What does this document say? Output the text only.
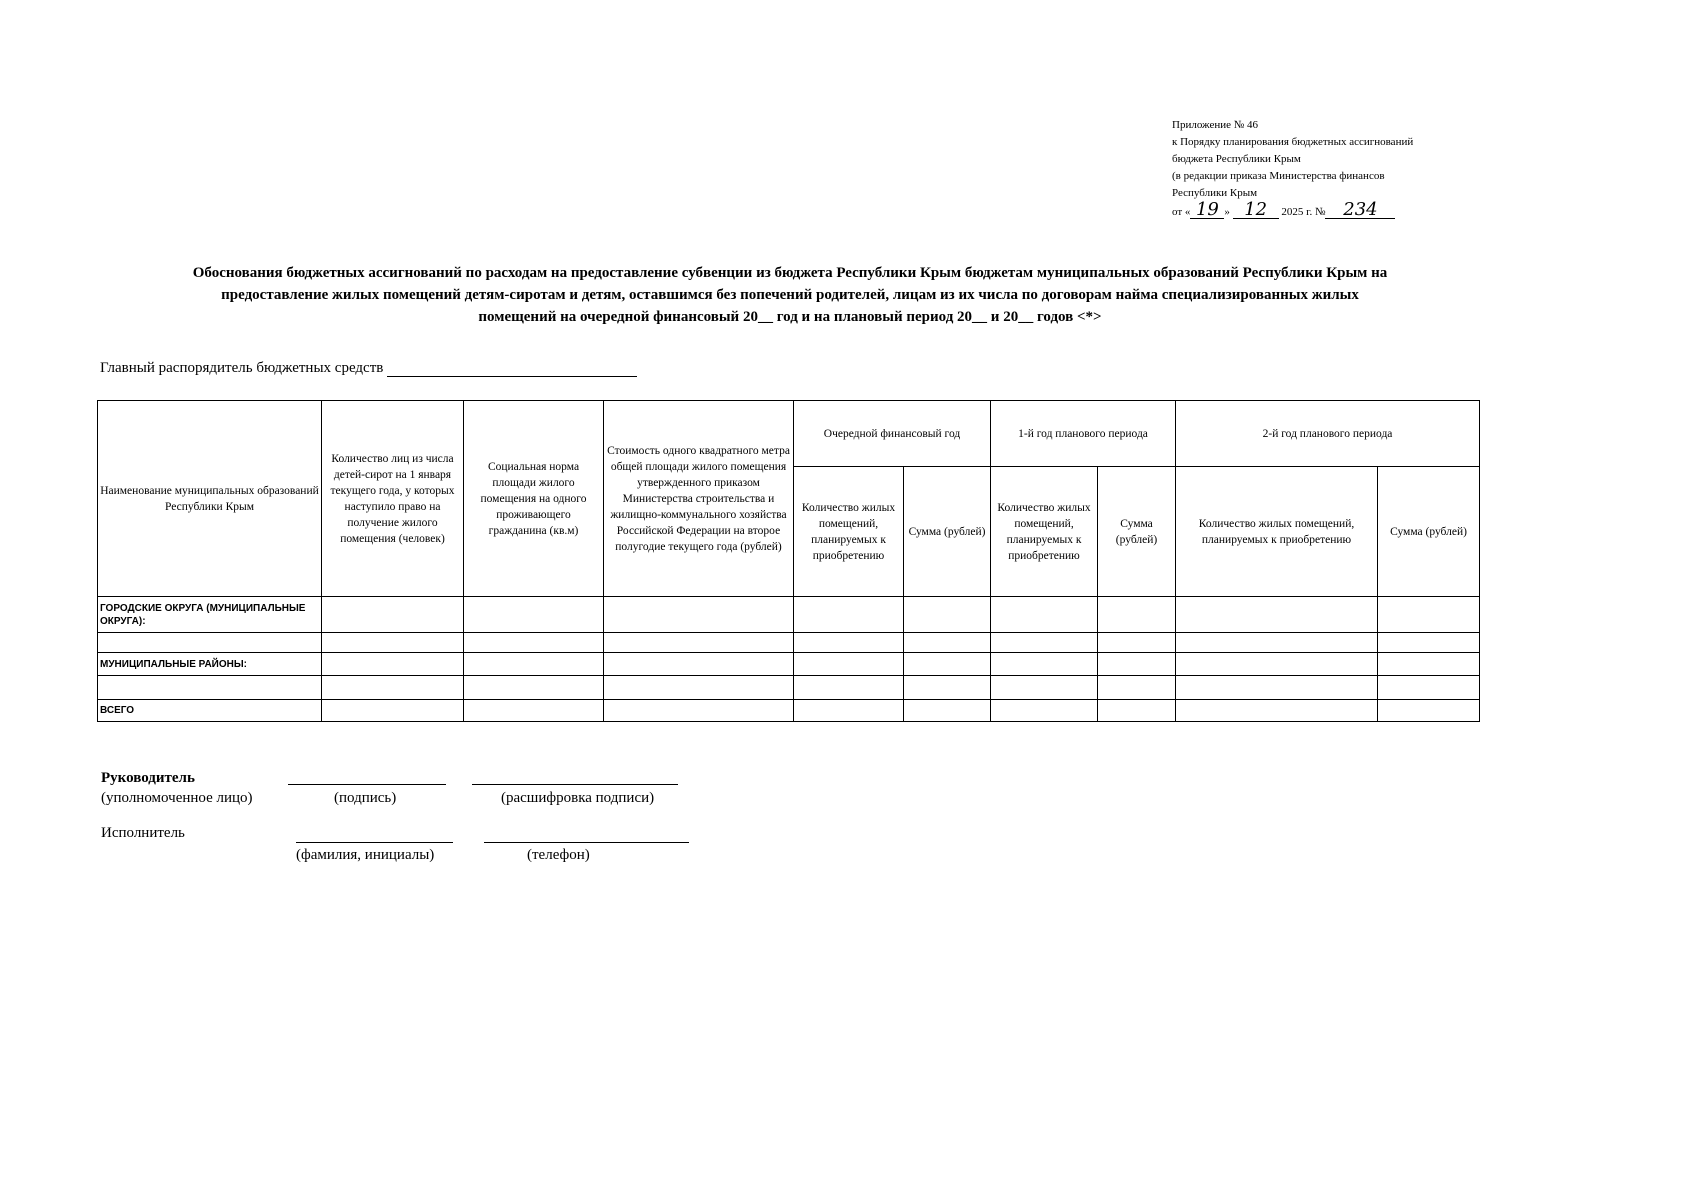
Приложение № 46
к Порядку планирования бюджетных ассигнований
бюджета Республики Крым
(в редакции приказа Министерства финансов
Республики Крым
от « 19 » 12 2025 г. № 234
Обоснования бюджетных ассигнований по расходам на предоставление субвенции из бюджета Республики Крым бюджетам муниципальных образований Республики Крым на
предоставление жилых помещений детям-сиротам и детям, оставшимся без попечений родителей, лицам из их числа по договорам найма специализированных жилых
помещений на очередной финансовый 20__ год и на плановый период 20__ и 20__ годов <*>
Главный распорядитель бюджетных средств
Наименование муниципальных образований Республики Крым	Количество лиц из числа детей-сирот на 1 января текущего года, у которых наступило право на получение жилого помещения (человек)	Социальная норма площади жилого помещения на одного проживающего гражданина (кв.м)	Стоимость одного квадратного метра общей площади жилого помещения утвержденного приказом Министерства строительства и жилищно-коммунального хозяйства Российской Федерации на второе полугодие текущего года (рублей)	Очередной финансовый год		1-й год планового периода		2-й год планового периода	
				Количество жилых помещений, планируемых к приобретению	Сумма (рублей)	Количество жилых помещений, планируемых к приобретению	Сумма (рублей)	Количество жилых помещений, планируемых к приобретению	Сумма (рублей)
ГОРОДСКИЕ ОКРУГА (МУНИЦИПАЛЬНЫЕ ОКРУГА):									

МУНИЦИПАЛЬНЫЕ РАЙОНЫ:									

ВСЕГО									
Руководитель
(уполномоченное лицо)	(подпись)	(расшифровка подписи)
Исполнитель
(фамилия, инициалы)	(телефон)
